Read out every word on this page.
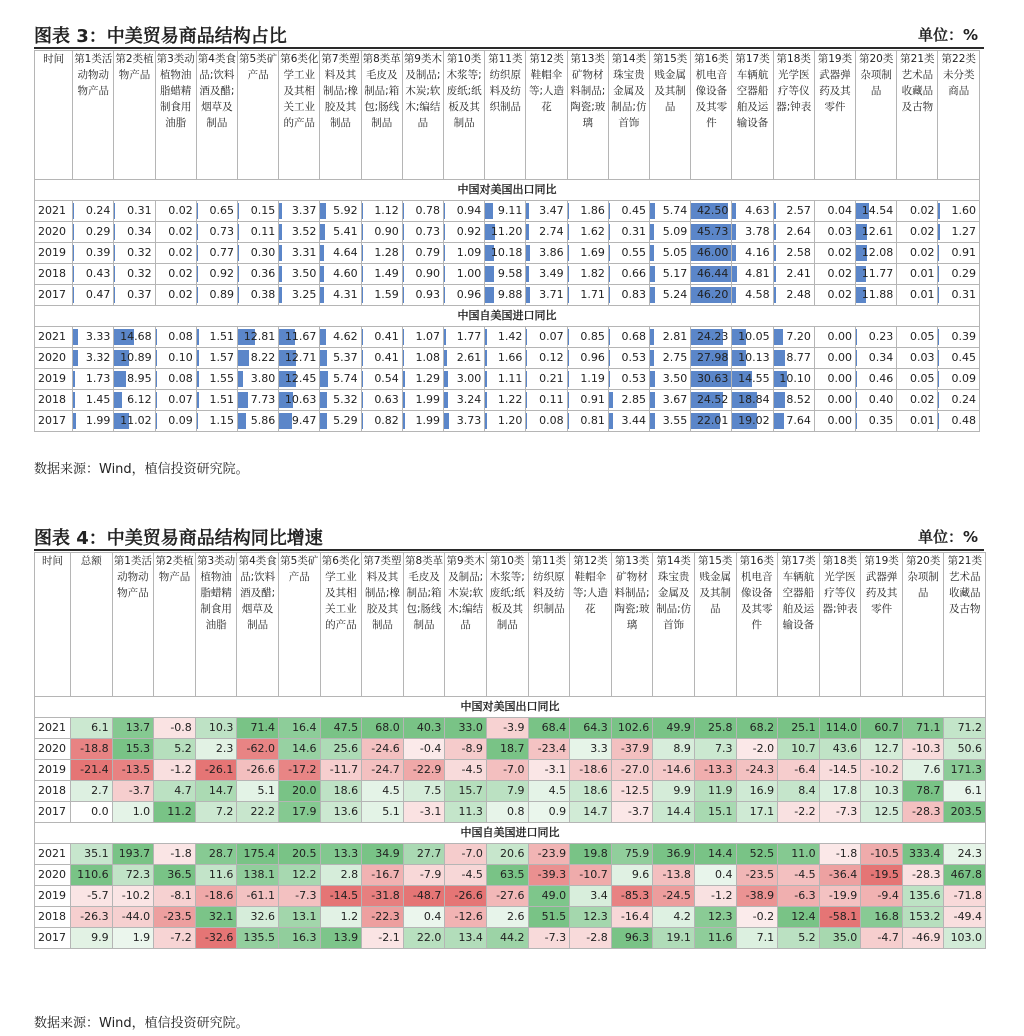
图表 3：中美贸易商品结构占比	单位：%
时间	第1类活动物动物产品	第2类植物产品	第3类动植物油脂蜡精制食用油脂	第4类食品;饮料酒及醋;烟草及制品	第5类矿产品	第6类化学工业及其相关工业的产品	第7类塑料及其制品;橡胶及其制品	第8类革毛皮及制品;箱包;肠线制品	第9类木及制品;木炭;软木;编结品	第10类木浆等;废纸;纸板及其制品	第11类纺织原料及纺织制品	第12类鞋帽伞等;人造花	第13类矿物材料制品;陶瓷;玻璃	第14类珠宝贵金属及制品;仿首饰	第15类贱金属及其制品	第16类机电音像设备及其零件	第17类车辆航空器船舶及运输设备	第18类光学医疗等仪器;钟表	第19类武器弹药及其零件	第20类杂项制品	第21类艺术品收藏品及古物	第22类未分类商品
中国对美国出口同比																						
2021	0.24	0.31	0.02	0.65	0.15	3.37	5.92	1.12	0.78	0.94	9.11	3.47	1.86	0.45	5.74	42.50	4.63	2.57	0.04	14.54	0.02	1.60
2020	0.29	0.34	0.02	0.73	0.11	3.52	5.41	0.90	0.73	0.92	11.20	2.74	1.62	0.31	5.09	45.73	3.78	2.64	0.03	12.61	0.02	1.27
2019	0.39	0.32	0.02	0.77	0.30	3.31	4.64	1.28	0.79	1.09	10.18	3.86	1.69	0.55	5.05	46.00	4.16	2.58	0.02	12.08	0.02	0.91
2018	0.43	0.32	0.02	0.92	0.36	3.50	4.60	1.49	0.90	1.00	9.58	3.49	1.82	0.66	5.17	46.44	4.81	2.41	0.02	11.77	0.01	0.29
2017	0.47	0.37	0.02	0.89	0.38	3.25	4.31	1.59	0.93	0.96	9.88	3.71	1.71	0.83	5.24	46.20	4.58	2.48	0.02	11.88	0.01	0.31
中国自美国进口同比																						
2021	3.33	14.68	0.08	1.51	12.81	11.67	4.62	0.41	1.07	1.77	1.42	0.07	0.85	0.68	2.81	24.23	10.05	7.20	0.00	0.23	0.05	0.39
2020	3.32	10.89	0.10	1.57	8.22	12.71	5.37	0.41	1.08	2.61	1.66	0.12	0.96	0.53	2.75	27.98	10.13	8.77	0.00	0.34	0.03	0.45
2019	1.73	8.95	0.08	1.55	3.80	12.45	5.74	0.54	1.29	3.00	1.11	0.21	1.19	0.53	3.50	30.63	14.55	10.10	0.00	0.46	0.05	0.09
2018	1.45	6.12	0.07	1.51	7.73	10.63	5.32	0.63	1.99	3.24	1.22	0.11	0.91	2.85	3.67	24.52	18.84	8.52	0.00	0.40	0.02	0.24
2017	1.99	11.02	0.09	1.15	5.86	9.47	5.29	0.82	1.99	3.73	1.20	0.08	0.81	3.44	3.55	22.01	19.02	7.64	0.00	0.35	0.01	0.48
数据来源：Wind，植信投资研究院。
图表 4：中美贸易商品结构同比增速	单位：%
时间	总额	第1类活动物动物产品	第2类植物产品	第3类动植物油脂蜡精制食用油脂	第4类食品;饮料酒及醋;烟草及制品	第5类矿产品	第6类化学工业及其相关工业的产品	第7类塑料及其制品;橡胶及其制品	第8类革毛皮及制品;箱包;肠线制品	第9类木及制品;木炭;软木;编结品	第10类木浆等;废纸;纸板及其制品	第11类纺织原料及纺织制品	第12类鞋帽伞等;人造花	第13类矿物材料制品;陶瓷;玻璃	第14类珠宝贵金属及制品;仿首饰	第15类贱金属及其制品	第16类机电音像设备及其零件	第17类车辆航空器船舶及运输设备	第18类光学医疗等仪器;钟表	第19类武器弹药及其零件	第20类杂项制品	第21类艺术品收藏品及古物
中国对美国出口同比																						
2021	6.1	13.7	-0.8	10.3	71.4	16.4	47.5	68.0	40.3	33.0	-3.9	68.4	64.3	102.6	49.9	25.8	68.2	25.1	114.0	60.7	71.1	71.2
2020	-18.8	15.3	5.2	2.3	-62.0	14.6	25.6	-24.6	-0.4	-8.9	18.7	-23.4	3.3	-37.9	8.9	7.3	-2.0	10.7	43.6	12.7	-10.3	50.6
2019	-21.4	-13.5	-1.2	-26.1	-26.6	-17.2	-11.7	-24.7	-22.9	-4.5	-7.0	-3.1	-18.6	-27.0	-14.6	-13.3	-24.3	-6.4	-14.5	-10.2	7.6	171.3
2018	2.7	-3.7	4.7	14.7	5.1	20.0	18.6	4.5	7.5	15.7	7.9	4.5	18.6	-12.5	9.9	11.9	16.9	8.4	17.8	10.3	78.7	6.1
2017	0.0	1.0	11.2	7.2	22.2	17.9	13.6	5.1	-3.1	11.3	0.8	0.9	14.7	-3.7	14.4	15.1	17.1	-2.2	-7.3	12.5	-28.3	203.5
中国自美国进口同比																						
2021	35.1	193.7	-1.8	28.7	175.4	20.5	13.3	34.9	27.7	-7.0	20.6	-23.9	19.8	75.9	36.9	14.4	52.5	11.0	-1.8	-10.5	333.4	24.3
2020	110.6	72.3	36.5	11.6	138.1	12.2	2.8	-16.7	-7.9	-4.5	63.5	-39.3	-10.7	9.6	-13.8	0.4	-23.5	-4.5	-36.4	-19.5	-28.3	467.8
2019	-5.7	-10.2	-8.1	-18.6	-61.1	-7.3	-14.5	-31.8	-48.7	-26.6	-27.6	49.0	3.4	-85.3	-24.5	-1.2	-38.9	-6.3	-19.9	-9.4	135.6	-71.8
2018	-26.3	-44.0	-23.5	32.1	32.6	13.1	1.2	-22.3	0.4	-12.6	2.6	51.5	12.3	-16.4	4.2	12.3	-0.2	12.4	-58.1	16.8	153.2	-49.4
2017	9.9	1.9	-7.2	-32.6	135.5	16.3	13.9	-2.1	22.0	13.4	44.2	-7.3	-2.8	96.3	19.1	11.6	7.1	5.2	35.0	-4.7	-46.9	103.0
数据来源：Wind，植信投资研究院。
